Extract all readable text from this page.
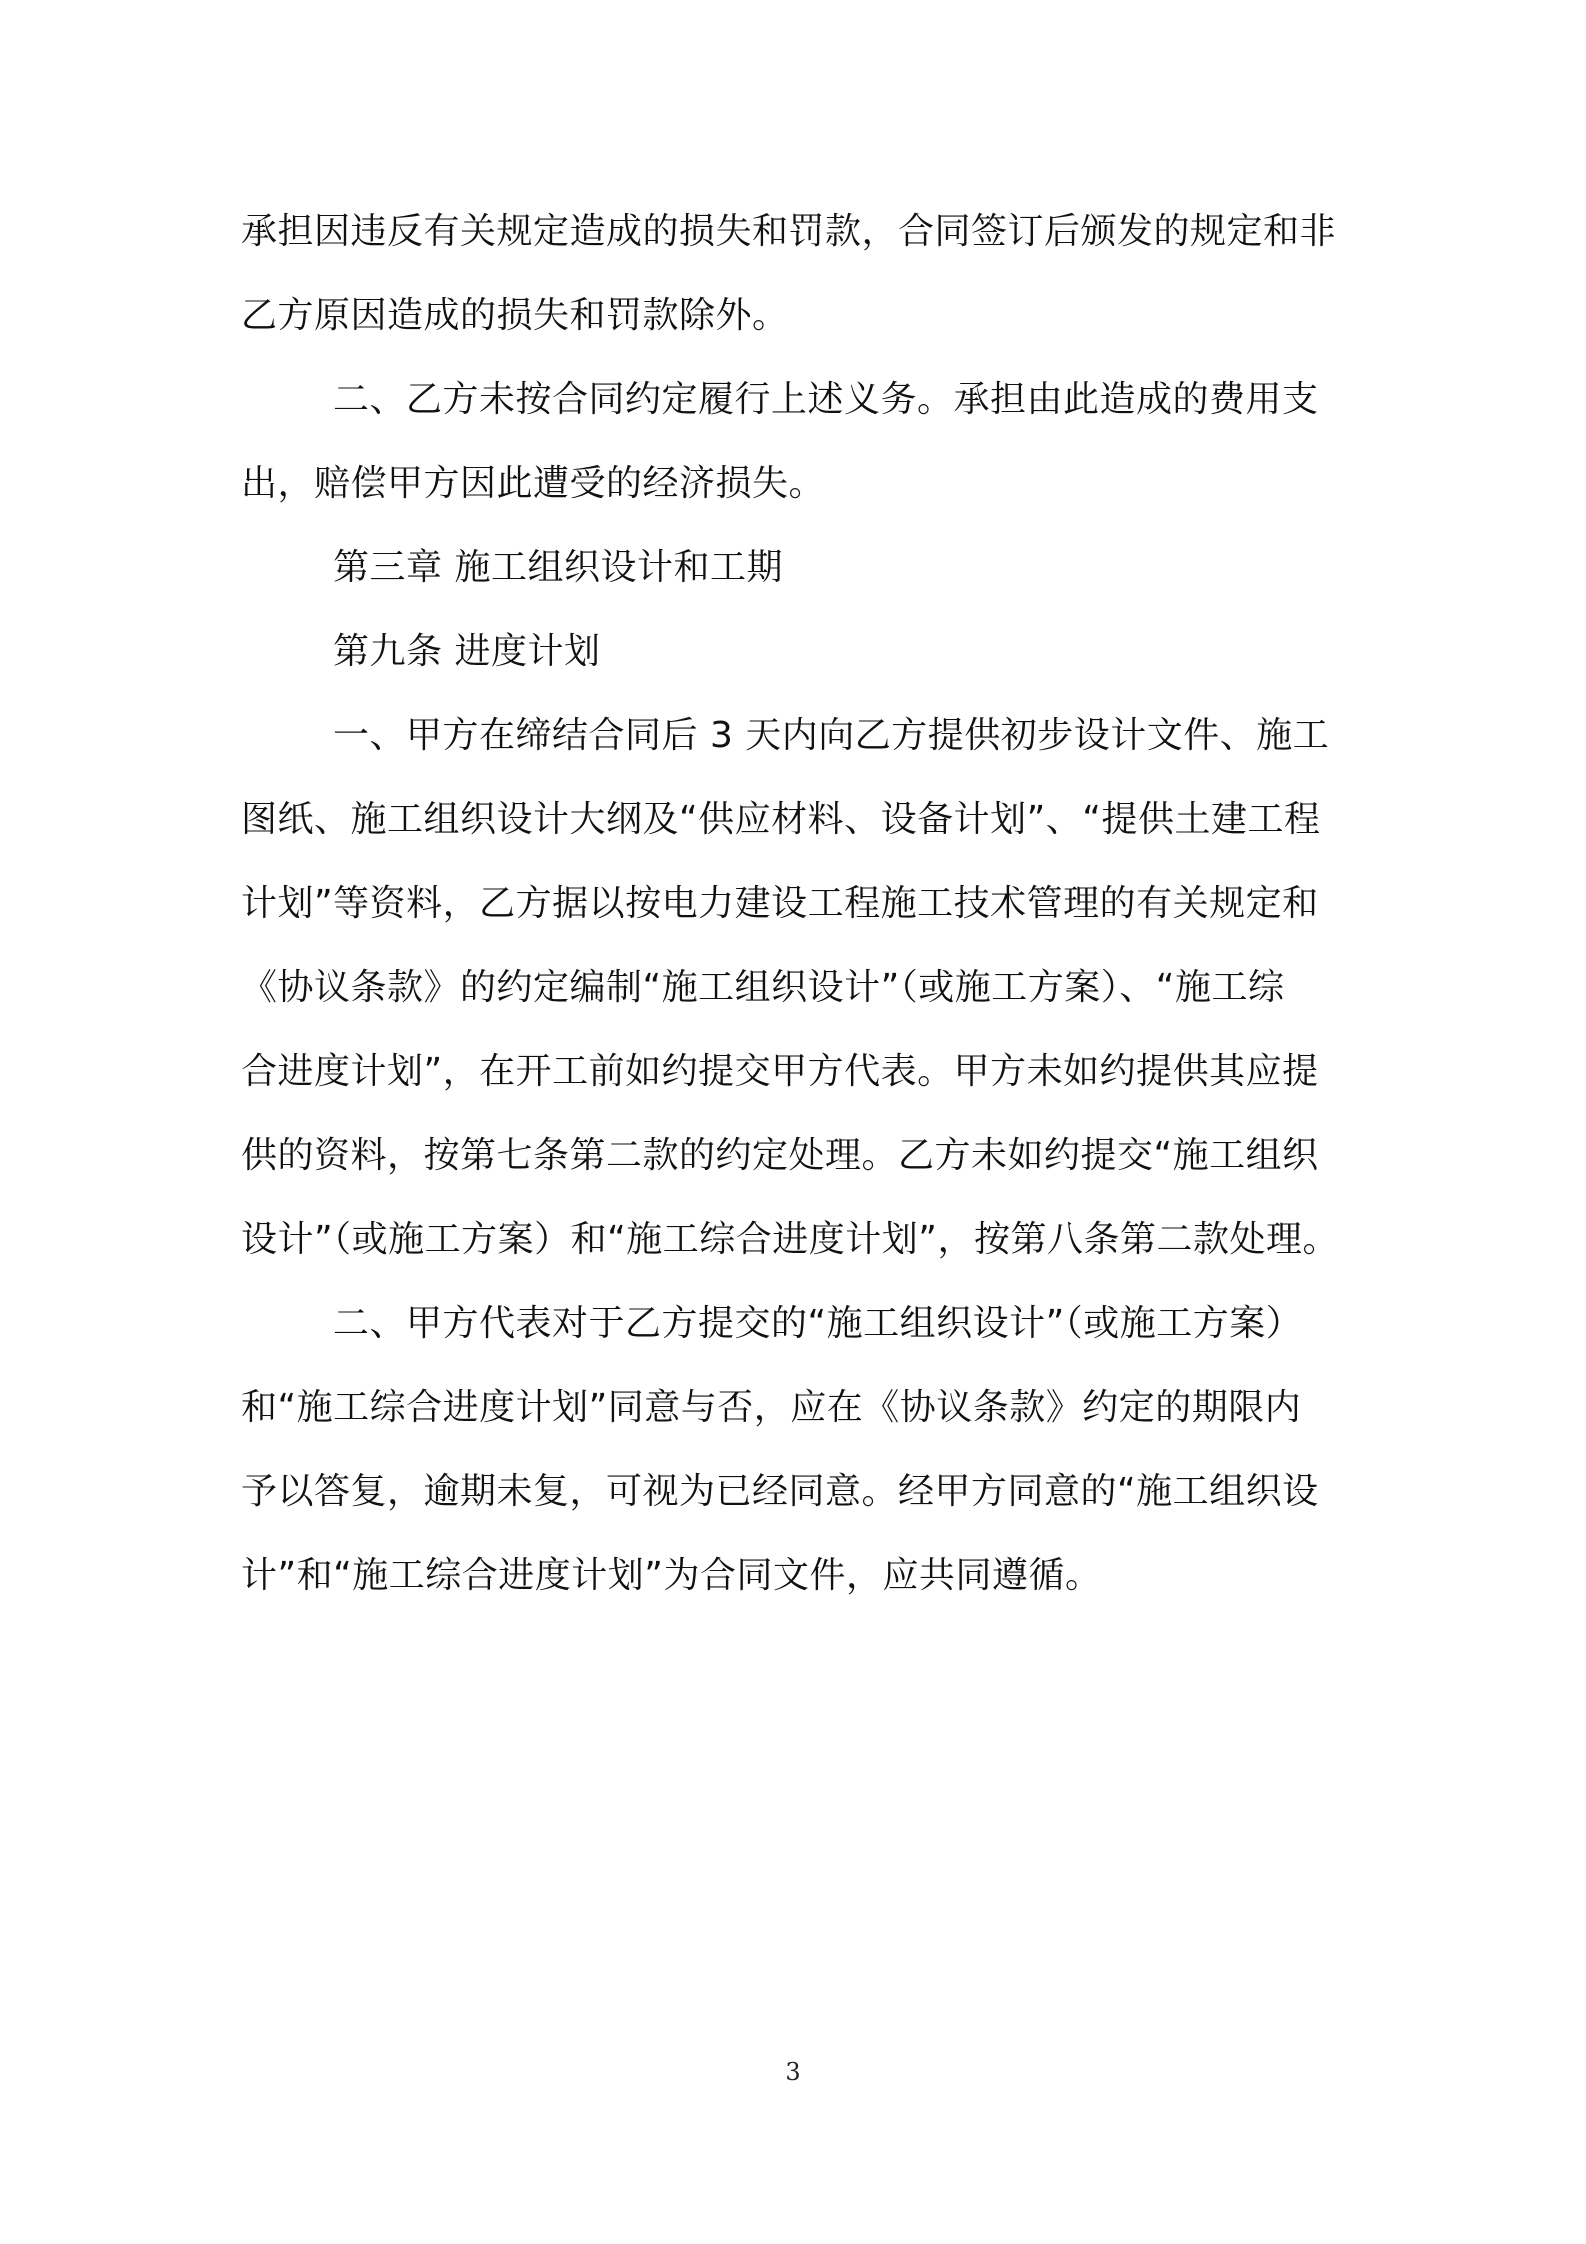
承担因违反有关规定造成的损失和罚款，合同签订后颁发的规定和非

乙方原因造成的损失和罚款除外。

二、乙方未按合同约定履行上述义务。承担由此造成的费用支

出，赔偿甲方因此遭受的经济损失。

第三章 施工组织设计和工期

第九条 进度计划

一、甲方在缔结合同后 3 天内向乙方提供初步设计文件、施工

图纸、施工组织设计大纲及“供应材料、设备计划”、“提供土建工程

计划”等资料，乙方据以按电力建设工程施工技术管理的有关规定和

《协议条款》的约定编制“施工组织设计”（或施工方案）、“施工综

合进度计划”，在开工前如约提交甲方代表。甲方未如约提供其应提

供的资料，按第七条第二款的约定处理。乙方未如约提交“施工组织

设计”（或施工方案）和“施工综合进度计划”，按第八条第二款处理。

二、甲方代表对于乙方提交的“施工组织设计”（或施工方案）

和“施工综合进度计划”同意与否，应在《协议条款》约定的期限内

予以答复，逾期未复，可视为已经同意。经甲方同意的“施工组织设

计”和“施工综合进度计划”为合同文件，应共同遵循。

3
